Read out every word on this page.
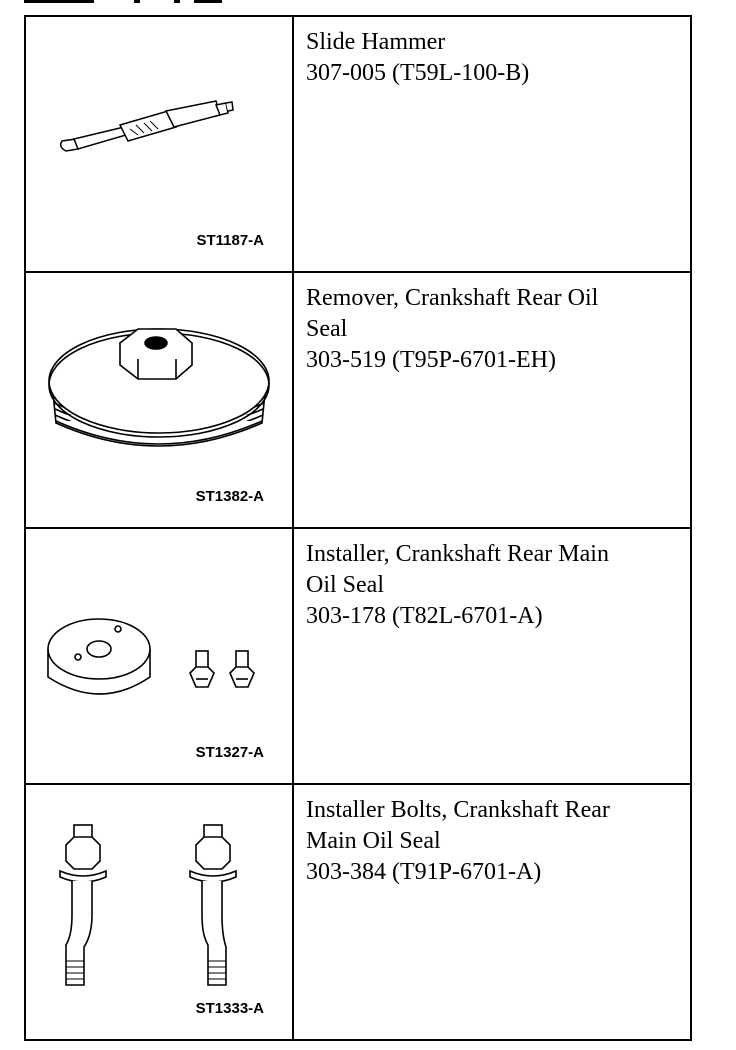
ST1187-A	Slide Hammer
307-005 (T59L-100-B)

ST1382-A	Remover, Crankshaft Rear Oil
Seal
303-519 (T95P-6701-EH)

ST1327-A	Installer, Crankshaft Rear Main
Oil Seal
303-178 (T82L-6701-A)

ST1333-A	Installer Bolts, Crankshaft Rear
Main Oil Seal
303-384 (T91P-6701-A)
